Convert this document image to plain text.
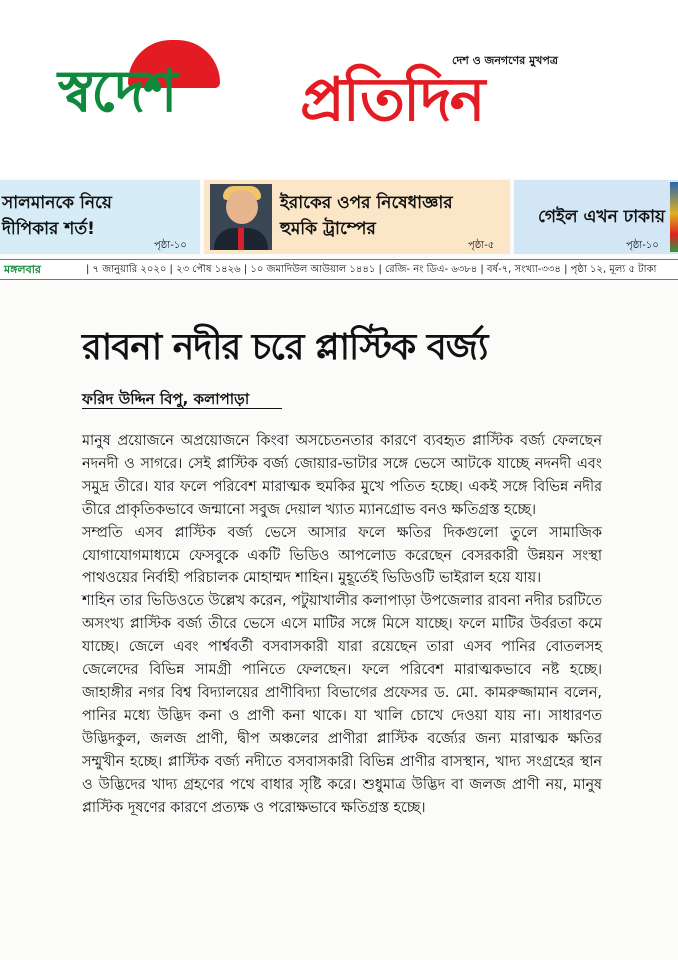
স্বদেশ প্রতিদিন
দেশ ও জনগণের মুখপত্র
সালমানকে নিয়ে
দীপিকার শর্ত!
পৃষ্ঠা-১০
ইরাকের ওপর নিষেধাজ্ঞার
হুমকি ট্রাম্পের
পৃষ্ঠা-৫
গেইল এখন ঢাকায়
পৃষ্ঠা-১০
মঙ্গলবার	| ৭ জানুয়ারি ২০২০ | ২৩ পৌষ ১৪২৬ | ১০ জমাদিউল আউয়াল ১৪৪১ | রেজি- নং ডিএ- ৬৩৮৪ | বর্ষ-৭, সংখ্যা-৩৩৪ | পৃষ্ঠা ১২, মূল্য ৫ টাকা
রাবনা নদীর চরে প্লাস্টিক বর্জ্য
ফরিদ উদ্দিন বিপু, কলাপাড়া

মানুষ প্রয়োজনে অপ্রয়োজনে কিংবা অসচেতনতার কারণে ব্যবহৃত প্লাস্টিক বর্জ্য ফেলছেন নদনদী ও সাগরে। সেই প্লাস্টিক বর্জ্য জোয়ার-ভাটার সঙ্গে ভেসে আটকে যাচ্ছে নদনদী এবং সমুদ্র তীরে। যার ফলে পরিবেশ মারাত্মক হুমকির মুখে পতিত হচ্ছে। একই সঙ্গে বিভিন্ন নদীর তীরে প্রাকৃতিকভাবে জন্মানো সবুজ দেয়াল খ্যাত ম্যানগ্রোভ বনও ক্ষতিগ্রস্ত হচ্ছে।

সম্প্রতি এসব প্লাস্টিক বর্জ্য ভেসে আসার ফলে ক্ষতির দিকগুলো তুলে সামাজিক যোগাযোগমাধ্যমে ফেসবুকে একটি ভিডিও আপলোড করেছেন বেসরকারী উন্নয়ন সংস্থা পাথওয়ের নির্বাহী পরিচালক মোহাম্মদ শাহিন। মুহূর্তেই ভিডিওটি ভাইরাল হয়ে যায়।

শাহিন তার ভিডিওতে উল্লেখ করেন, পটুয়াখালীর কলাপাড়া উপজেলার রাবনা নদীর চরটিতে অসংখ্য প্লাস্টিক বর্জ্য তীরে ভেসে এসে মাটির সঙ্গে মিসে যাচ্ছে। ফলে মাটির উর্বরতা কমে যাচ্ছে। জেলে এবং পার্শ্ববর্তী বসবাসকারী যারা রয়েছেন তারা এসব পানির বোতলসহ জেলেদের বিভিন্ন সামগ্রী পানিতে ফেলছেন। ফলে পরিবেশ মারাত্মকভাবে নষ্ট হচ্ছে। জাহাঙ্গীর নগর বিশ্ব বিদ্যালয়ের প্রাণীবিদ্যা বিভাগের প্রফেসর ড. মো. কামরুজ্জামান বলেন, পানির মধ্যে উদ্ভিদ কনা ও প্রাণী কনা থাকে। যা খালি চোখে দেওয়া যায় না। সাধারণত উদ্ভিদকুল, জলজ প্রাণী, দ্বীপ অঞ্চলের প্রাণীরা প্লাস্টিক বর্জ্যের জন্য মারাত্মক ক্ষতির সম্মুখীন হচ্ছে। প্লাস্টিক বর্জ্য নদীতে বসবাসকারী বিভিন্ন প্রাণীর বাসস্থান, খাদ্য সংগ্রহের স্থান ও উদ্ভিদের খাদ্য গ্রহণের পথে বাধার সৃষ্টি করে। শুধুমাত্র উদ্ভিদ বা জলজ প্রাণী নয়, মানুষ প্লাস্টিক দূষণের কারণে প্রত্যক্ষ ও পরোক্ষভাবে ক্ষতিগ্রস্ত হচ্ছে।
